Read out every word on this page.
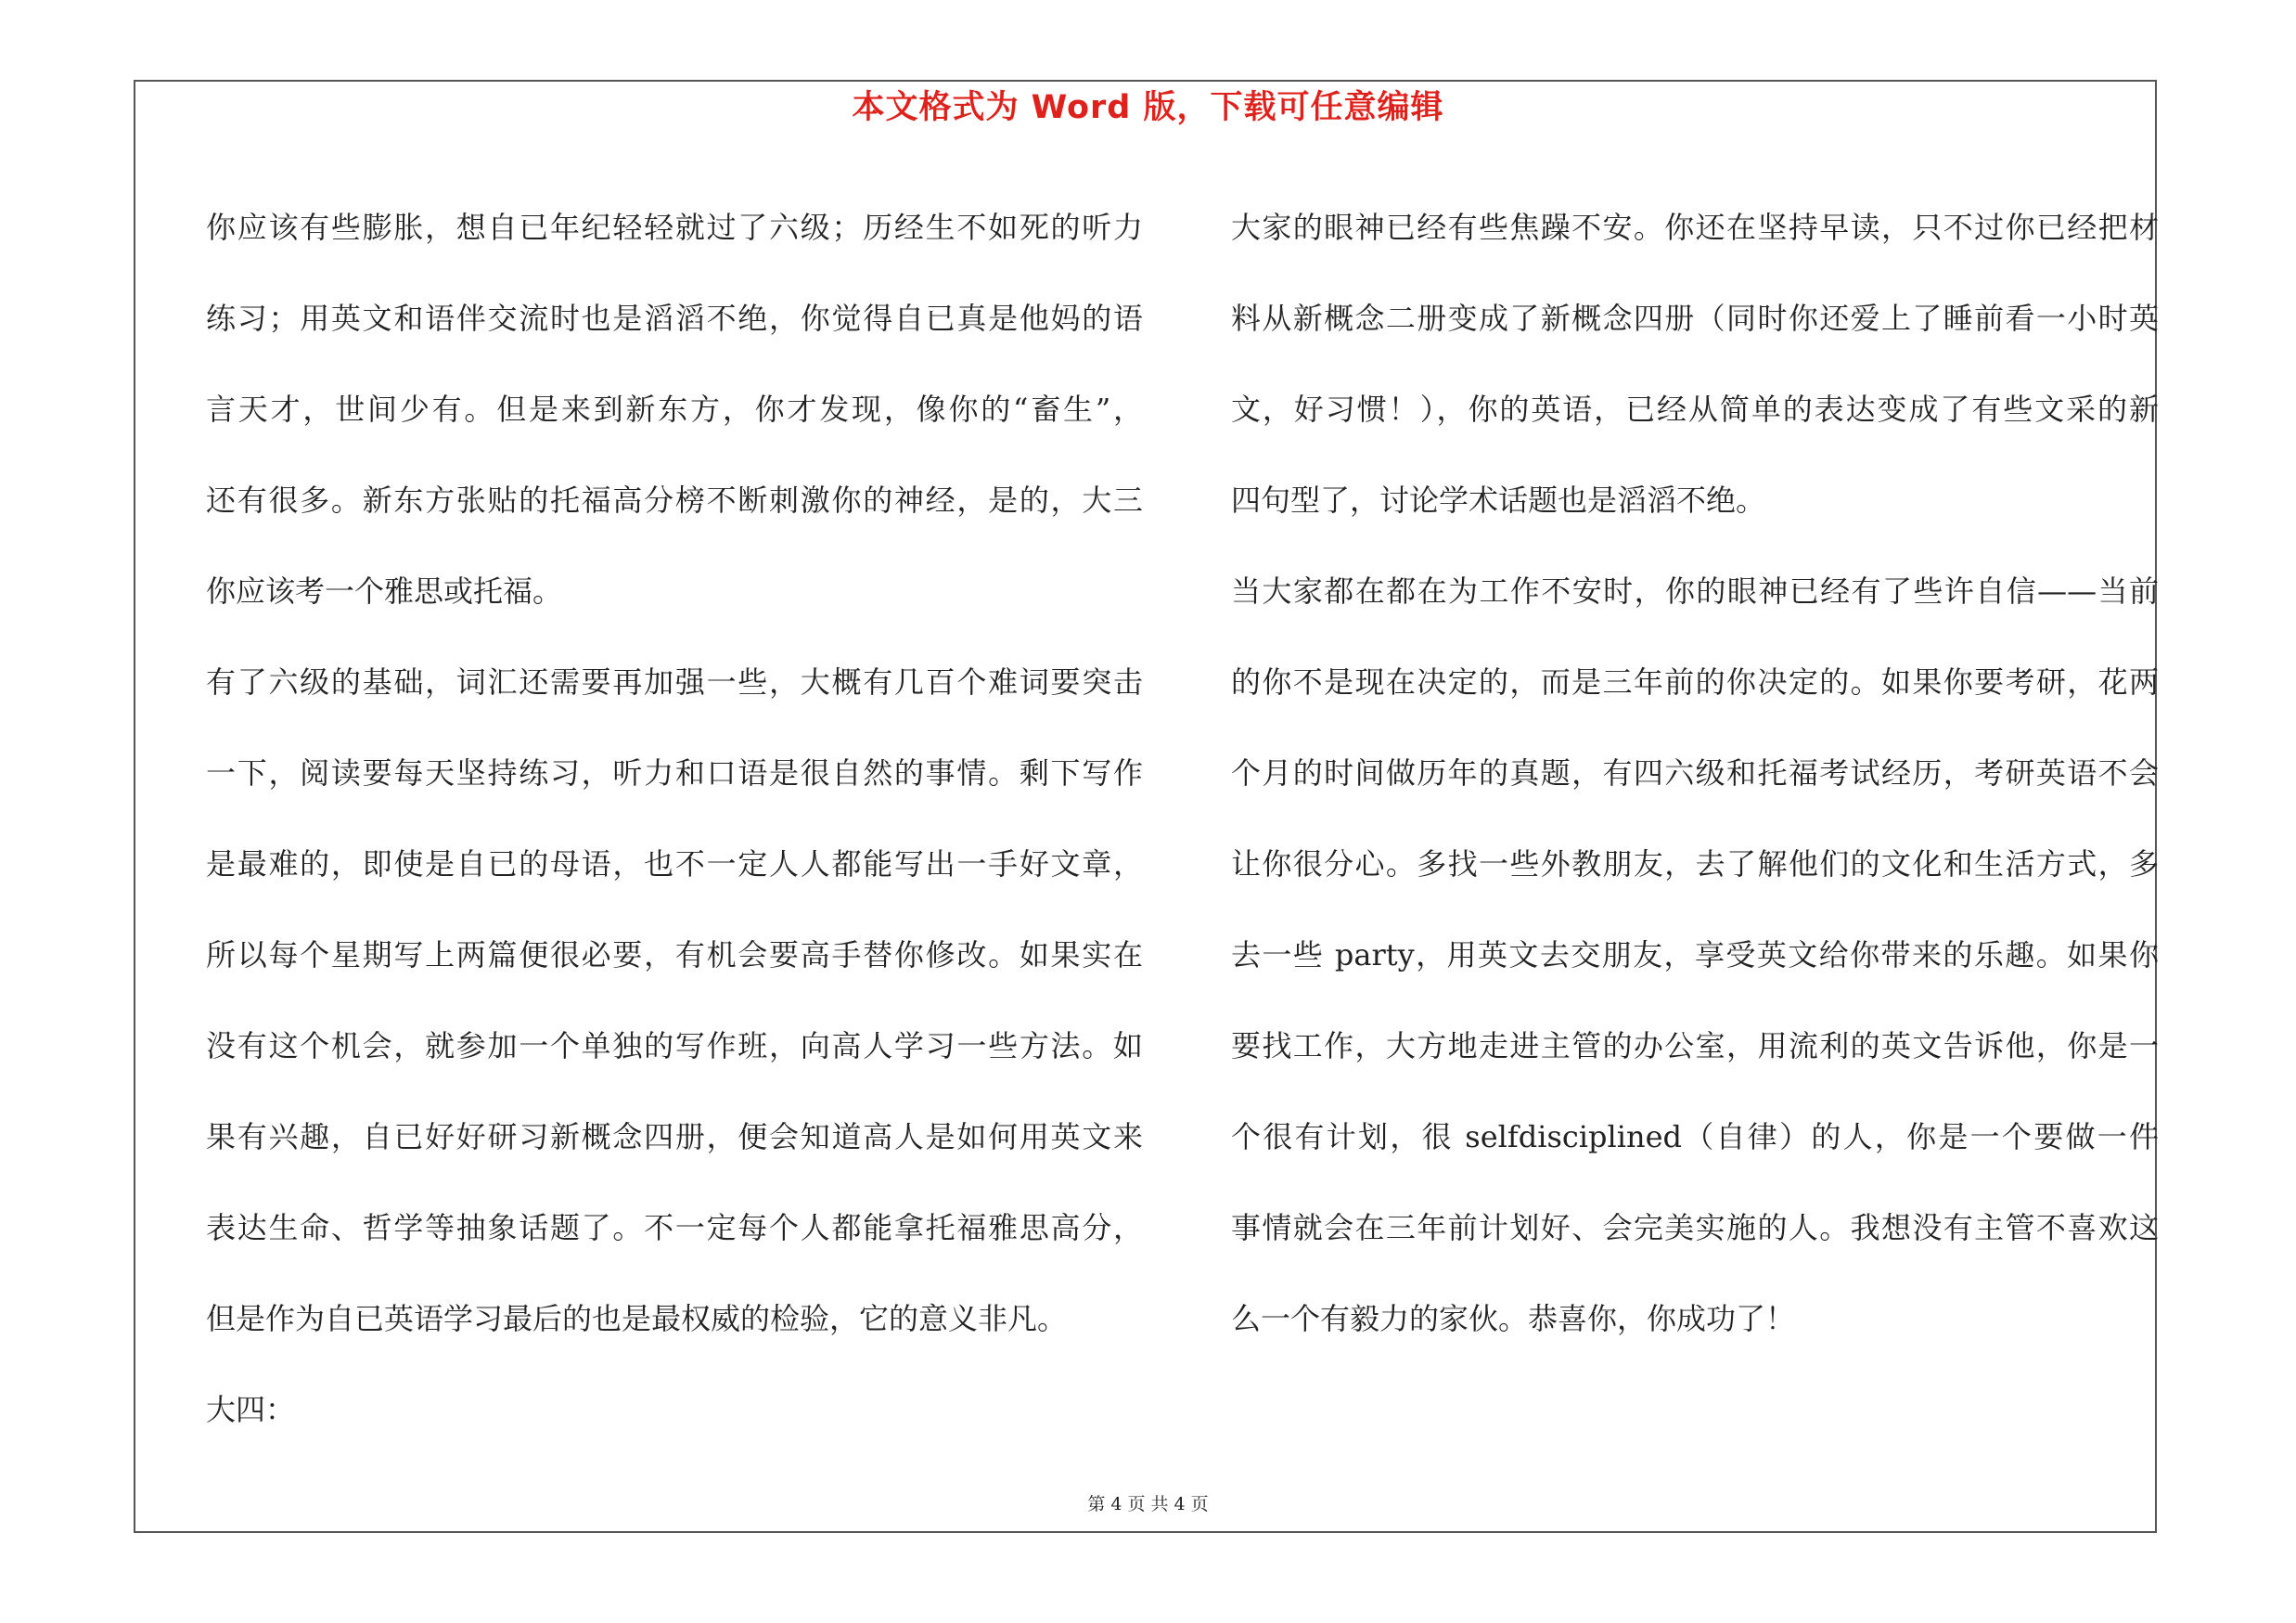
本文格式为 Word 版，下载可任意编辑
你应该有些膨胀，想自已年纪轻轻就过了六级；历经生不如死的听力
练习；用英文和语伴交流时也是滔滔不绝，你觉得自已真是他妈的语
言天才，世间少有。但是来到新东方，你才发现，像你的“畜生”，
还有很多。新东方张贴的托福高分榜不断刺激你的神经，是的，大三
你应该考一个雅思或托福。
有了六级的基础，词汇还需要再加强一些，大概有几百个难词要突击
一下，阅读要每天坚持练习，听力和口语是很自然的事情。剩下写作
是最难的，即使是自已的母语，也不一定人人都能写出一手好文章，
所以每个星期写上两篇便很必要，有机会要高手替你修改。如果实在
没有这个机会，就参加一个单独的写作班，向高人学习一些方法。如
果有兴趣，自已好好研习新概念四册，便会知道高人是如何用英文来
表达生命、哲学等抽象话题了。不一定每个人都能拿托福雅思高分，
但是作为自已英语学习最后的也是最权威的检验，它的意义非凡。
大四：
大家的眼神已经有些焦躁不安。你还在坚持早读，只不过你已经把材
料从新概念二册变成了新概念四册（同时你还爱上了睡前看一小时英
文，好习惯！），你的英语，已经从简单的表达变成了有些文采的新
四句型了，讨论学术话题也是滔滔不绝。
当大家都在都在为工作不安时，你的眼神已经有了些许自信——当前
的你不是现在决定的，而是三年前的你决定的。如果你要考研，花两
个月的时间做历年的真题，有四六级和托福考试经历，考研英语不会
让你很分心。多找一些外教朋友，去了解他们的文化和生活方式，多
去一些 party，用英文去交朋友，享受英文给你带来的乐趣。如果你
要找工作，大方地走进主管的办公室，用流利的英文告诉他，你是一
个很有计划，很 selfdisciplined（自律）的人，你是一个要做一件
事情就会在三年前计划好、会完美实施的人。我想没有主管不喜欢这
么一个有毅力的家伙。恭喜你，你成功了！
第 4 页 共 4 页
